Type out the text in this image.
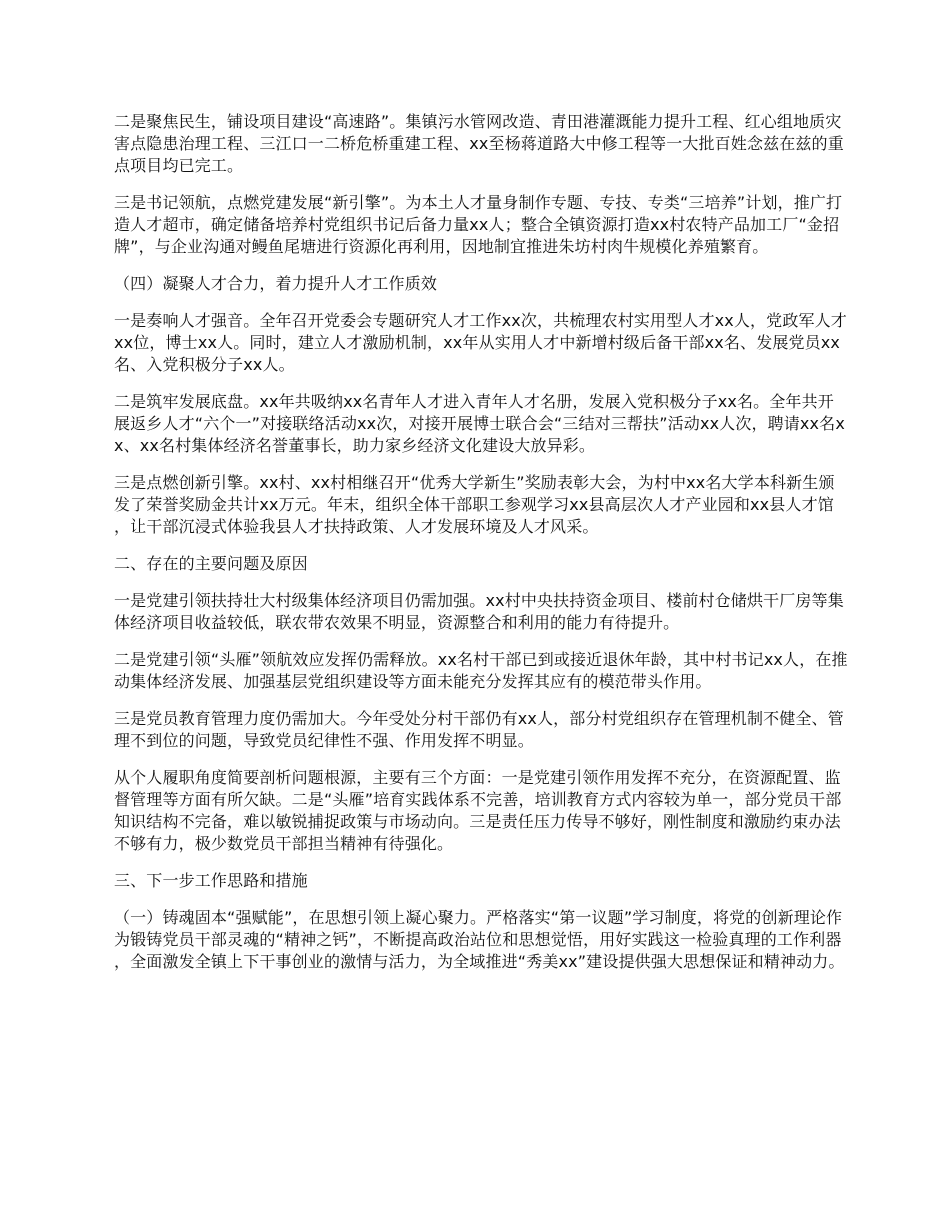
二是聚焦民生，铺设项目建设“高速路”。集镇污水管网改造、青田港灌溉能力提升工程、红心组地质灾害点隐患治理工程、三江口一二桥危桥重建工程、xx至杨蒋道路大中修工程等一大批百姓念兹在兹的重点项目均已完工。

三是书记领航，点燃党建发展“新引擎”。为本土人才量身制作专题、专技、专类“三培养”计划，推广打造人才超市，确定储备培养村党组织书记后备力量xx人；整合全镇资源打造xx村农特产品加工厂“金招牌”，与企业沟通对鳗鱼尾塘进行资源化再利用，因地制宜推进朱坊村肉牛规模化养殖繁育。

（四）凝聚人才合力，着力提升人才工作质效

一是奏响人才强音。全年召开党委会专题研究人才工作xx次，共梳理农村实用型人才xx人，党政军人才xx位，博士xx人。同时，建立人才激励机制，xx年从实用人才中新增村级后备干部xx名、发展党员xx名、入党积极分子xx人。

二是筑牢发展底盘。xx年共吸纳xx名青年人才进入青年人才名册，发展入党积极分子xx名。全年共开展返乡人才“六个一”对接联络活动xx次，对接开展博士联合会“三结对三帮扶”活动xx人次，聘请xx名xx、xx名村集体经济名誉董事长，助力家乡经济文化建设大放异彩。

三是点燃创新引擎。xx村、xx村相继召开“优秀大学新生”奖励表彰大会，为村中xx名大学本科新生颁发了荣誉奖励金共计xx万元。年末，组织全体干部职工参观学习xx县高层次人才产业园和xx县人才馆，让干部沉浸式体验我县人才扶持政策、人才发展环境及人才风采。

二、存在的主要问题及原因

一是党建引领扶持壮大村级集体经济项目仍需加强。xx村中央扶持资金项目、楼前村仓储烘干厂房等集体经济项目收益较低，联农带农效果不明显，资源整合和利用的能力有待提升。

二是党建引领“头雁”领航效应发挥仍需释放。xx名村干部已到或接近退休年龄，其中村书记xx人，在推动集体经济发展、加强基层党组织建设等方面未能充分发挥其应有的模范带头作用。

三是党员教育管理力度仍需加大。今年受处分村干部仍有xx人，部分村党组织存在管理机制不健全、管理不到位的问题，导致党员纪律性不强、作用发挥不明显。

从个人履职角度简要剖析问题根源，主要有三个方面：一是党建引领作用发挥不充分，在资源配置、监督管理等方面有所欠缺。二是“头雁”培育实践体系不完善，培训教育方式内容较为单一，部分党员干部知识结构不完备，难以敏锐捕捉政策与市场动向。三是责任压力传导不够好，刚性制度和激励约束办法不够有力，极少数党员干部担当精神有待强化。

三、下一步工作思路和措施

（一）铸魂固本“强赋能”，在思想引领上凝心聚力。严格落实“第一议题”学习制度，将党的创新理论作为锻铸党员干部灵魂的“精神之钙”，不断提高政治站位和思想觉悟，用好实践这一检验真理的工作利器，全面激发全镇上下干事创业的激情与活力，为全域推进“秀美xx”建设提供强大思想保证和精神动力。
